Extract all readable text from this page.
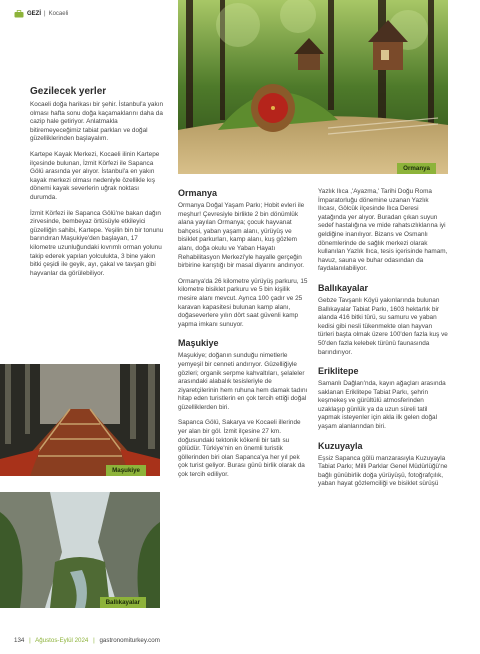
GEZİ | Kocaeli
Ormanya
Gezilecek yerler

Kocaeli doğa harikası bir şehir. İstanbul'a yakın olması hafta sonu doğa kaçamaklarını daha da cazip hale getiriyor. Anlatmakla bitiremeyeceğimiz tabiat parkları ve doğal güzelliklerinden başlayalım.

Kartepe Kayak Merkezi, Kocaeli ilinin Kartepe ilçesinde bulunan, İzmit Körfezi ile Sapanca Gölü arasında yer alıyor. İstanbul'a en yakın kayak merkezi olması nedeniyle özellikle kış dönemi kayak severlerin uğrak noktası durumda.

İzmit Körfezi ile Sapanca Gölü'ne bakan dağın zirvesinde, bembeyaz örtüsüyle etkileyici güzelliğin sahibi, Kartepe. Yeşilin bin bir tonunu barındıran Maşukiye'den başlayan, 17 kilometre uzunluğundaki kıvrımlı orman yolunu takip ederek yapılan yolculukta, 3 bine yakın bitki çeşidi ile geyik, ayı, çakal ve tavşan gibi hayvanlar da görülebiliyor.

Maşukiye
Ballıkayalar
Ormanya

Ormanya Doğal Yaşam Parkı; Hobit evleri ile meşhur! Çevresiyle birlikte 2 bin dönümlük alana yayılan Ormanya; çocuk hayvanat bahçesi, yaban yaşam alanı, yürüyüş ve bisiklet parkurları, kamp alanı, kuş gözlem alanı, doğa okulu ve Yaban Hayatı Rehabilitasyon Merkezi'yle hayalle gerçeğin birbirine karıştığı bir masal diyarını andırıyor.

Ormanya'da 26 kilometre yürüyüş parkuru, 15 kilometre bisiklet parkuru ve 5 bin kişilik mesire alanı mevcut. Ayrıca 100 çadır ve 25 karavan kapasitesi bulunan kamp alanı, doğaseverlere yılın dört saat güvenli kamp yapma imkanı sunuyor.

Maşukiye

Maşukiye; doğanın sunduğu nimetlerle yemyeşil bir cenneti andırıyor. Güzelliğiyle gözleri; organik serpme kahvaltıları, şelaleler arasındaki alabalık tesisleriyle de ziyaretçilerinin hem ruhuna hem damak tadını hitap eden turistlerin en çok tercih ettiği doğal güzelliklerden biri.

Sapanca Gölü, Sakarya ve Kocaeli illerinde yer alan bir göl. İzmit ilçesine 27 km. doğusundaki tektonik kökenli bir tatlı su gölüdür. Türkiye'nin en önemli turistik göllerinden biri olan Sapanca'ya her yıl pek çok turist geliyor. Burası günü birlik olarak da çok tercih ediliyor.

Yazlık Ilıca ,'Ayazma,' Tarihi Doğu Roma İmparatorluğu dönemine uzanan Yazlık Ilıcası, Gölcük ilçesinde Ilıca Deresi yatağında yer alıyor. Buradan çıkan suyun sedef hastalığına ve mide rahatsızlıklarına iyi geldiğine inanılıyor. Bizans ve Osmanlı dönemlerinde de sağlık merkezi olarak kullanılan Yazlık Ilıca, tesis içerisinde hamam, havuz, sauna ve buhar odasından da faydalanılabiliyor.

Ballıkayalar

Gebze Tavşanlı Köyü yakınlarında bulunan Ballıkayalar Tabiat Parkı, 1603 hektarlık bir alanda 416 bitki türü, su samuru ve yaban kedisi gibi nesli tükenmekte olan hayvan türleri başta olmak üzere 100'den fazla kuş ve 50'den fazla kelebek türünü faunasında barındırıyor.

Eriklitepe

Samanlı Dağları'nda, kayın ağaçları arasında saklanan Eriklitepe Tabiat Parkı, şehrin keşmekeş ve gürültülü atmosferinden uzaklaşıp günlük ya da uzun süreli tatil yapmak isteyenler için akla ilk gelen doğal yaşam alanlarından biri.

Kuzuyayla

Eşsiz Sapanca gölü manzarasıyla Kuzuyayla Tabiat Parkı; Milli Parklar Genel Müdürlüğü'ne bağlı günübirlik doğa yürüyüşü, fotoğrafçılık, yaban hayat gözlemciliği ve bisiklet sürüşü

134 | Ağustos-Eylül 2024 | gastronomiturkey.com
